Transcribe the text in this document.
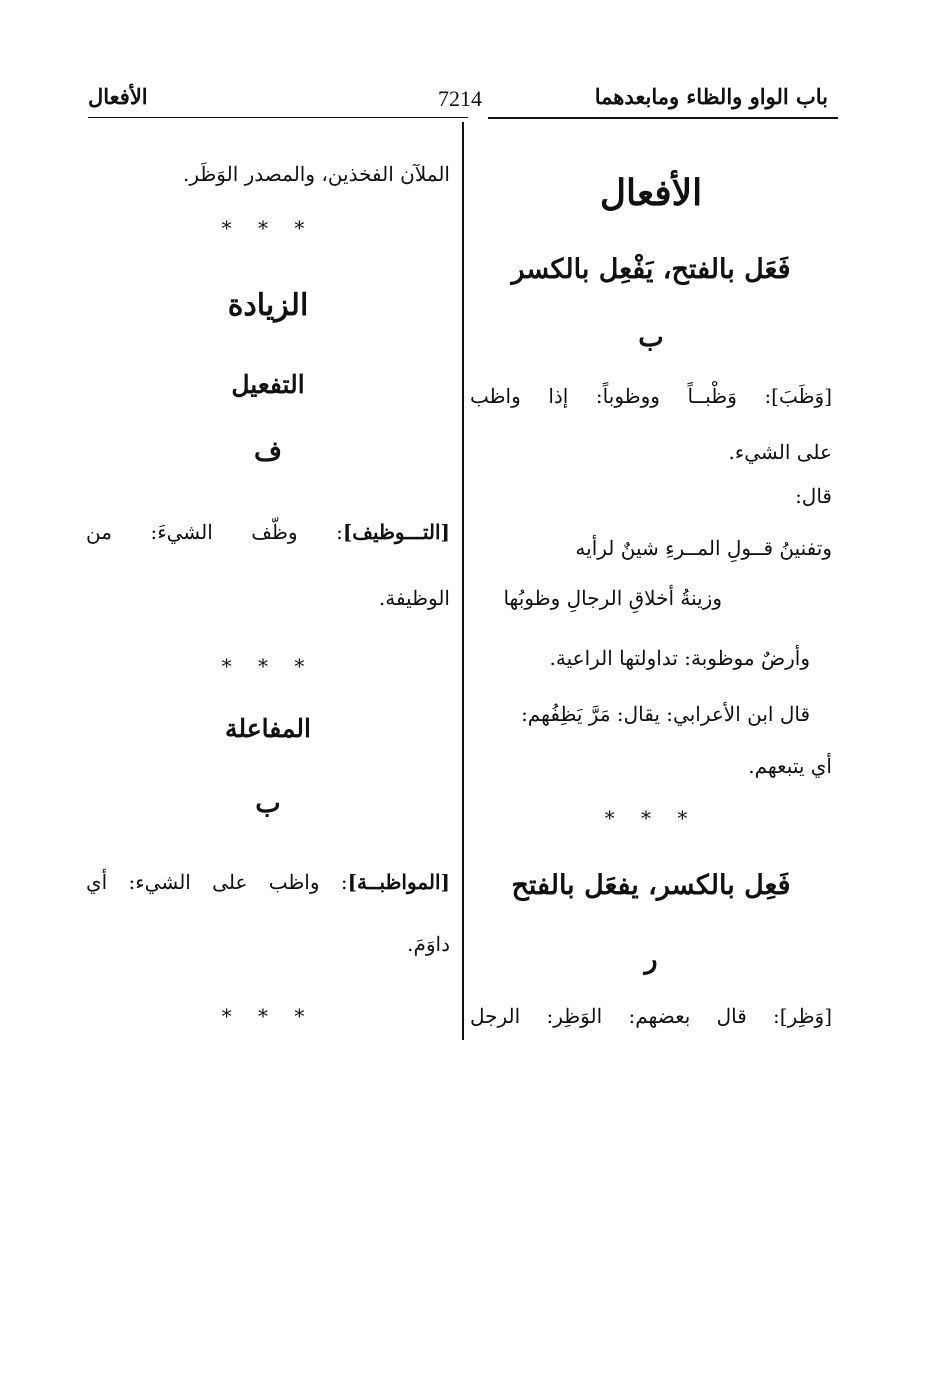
باب الواو والظاء ومابعدهما
7214
الأفعال
الأفعال
فَعَل بالفتح، يَفْعِل بالكسر
ب
[وَظَبَ]: وَظْبــاً ووظوباً: إذا واظب
على الشيء.
قال:
وتفنينُ قــولِ المــرءِ شينٌ لرأيه
وزينةُ أخلاقِ الرجالِ وظوبُها
وأرضٌ موظوبة: تداولتها الراعية.
قال ابن الأعرابي: يقال: مَرَّ يَظِفُهم:
أي يتبعهم.
* * *
فَعِل بالكسر، يفعَل بالفتح
ر
[وَظِر]: قال بعضهم: الوَظِر: الرجل
الملآن الفخذين، والمصدر الوَظَر.
* * *
الزيادة
التفعيل
ف
[التـــوظيف]: وظّف الشيءَ: من
الوظيفة.
* * *
المفاعلة
ب
[المواظبــة]: واظب على الشيء: أي
داوَمَ.
* * *
